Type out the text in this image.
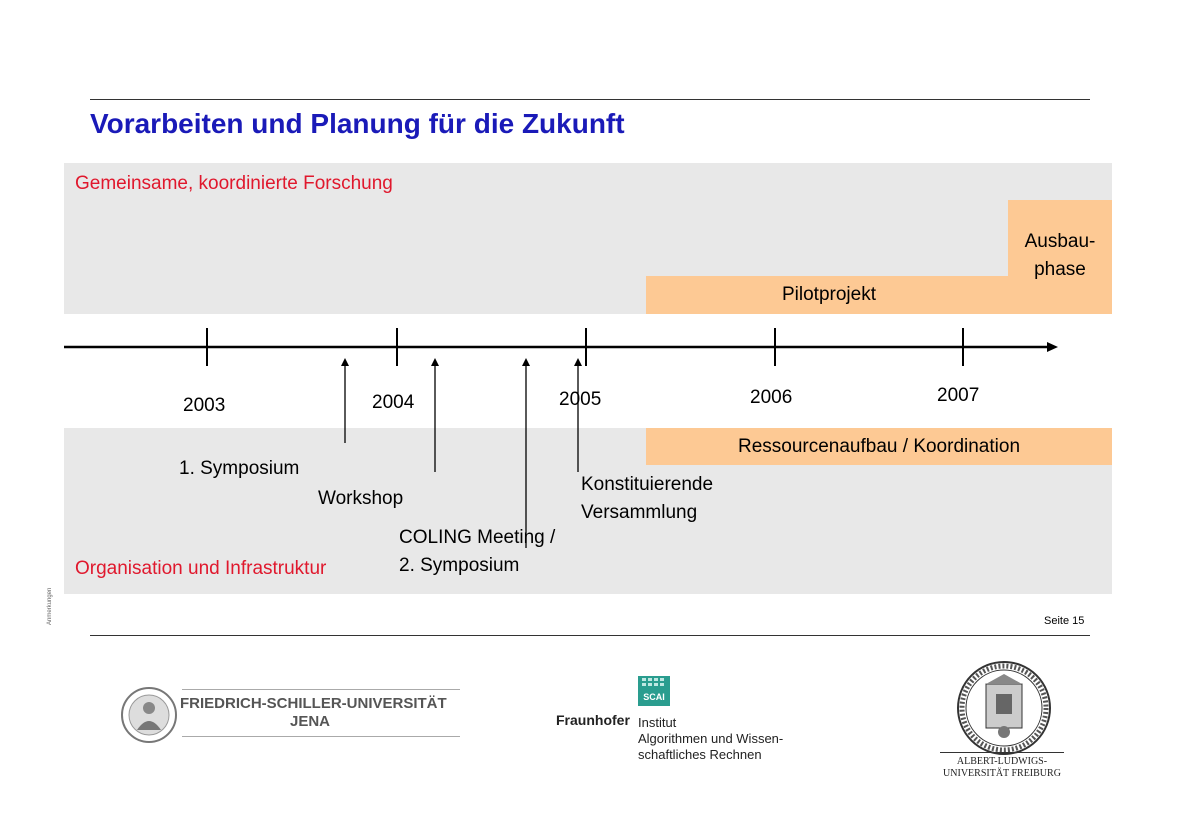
Vorarbeiten und Planung für die Zukunft
Gemeinsame, koordinierte Forschung
Pilotprojekt
Ausbau-
phase
Ressourcenaufbau / Koordination
Organisation und Infrastruktur
2003	2004	2005	2006	2007
1. Symposium
Workshop
COLING Meeting /
2. Symposium
Konstituierende
Versammlung
Seite 15
Anmerkungen
FRIEDRICH-SCHILLER-UNIVERSITÄT
JENA
SCAI
Fraunhofer Institut
Algorithmen und Wissen-
schaftliches Rechnen	ALBERT-LUDWIGS-
UNIVERSITÄT FREIBURG
